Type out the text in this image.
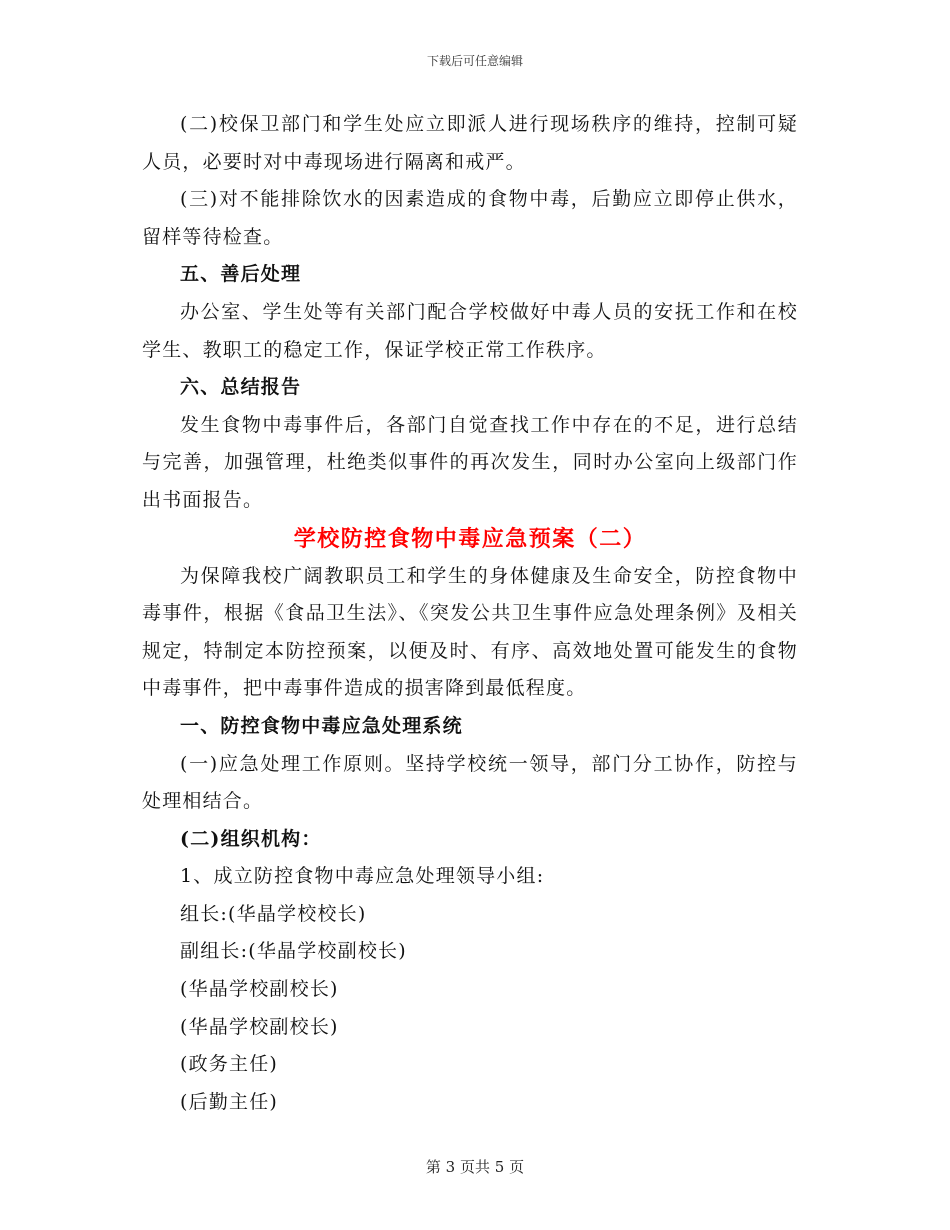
下载后可任意编辑

(二)校保卫部门和学生处应立即派人进行现场秩序的维持，控制可疑人员，必要时对中毒现场进行隔离和戒严。

(三)对不能排除饮水的因素造成的食物中毒，后勤应立即停止供水，留样等待检查。

五、善后处理

办公室、学生处等有关部门配合学校做好中毒人员的安抚工作和在校学生、教职工的稳定工作，保证学校正常工作秩序。

六、总结报告

发生食物中毒事件后，各部门自觉查找工作中存在的不足，进行总结与完善，加强管理，杜绝类似事件的再次发生，同时办公室向上级部门作出书面报告。

学校防控食物中毒应急预案（二）

为保障我校广阔教职员工和学生的身体健康及生命安全，防控食物中毒事件，根据《食品卫生法》、《突发公共卫生事件应急处理条例》及相关规定，特制定本防控预案，以便及时、有序、高效地处置可能发生的食物中毒事件，把中毒事件造成的损害降到最低程度。

一、防控食物中毒应急处理系统

(一)应急处理工作原则。坚持学校统一领导，部门分工协作，防控与处理相结合。

(二)组织机构：

1、成立防控食物中毒应急处理领导小组:

组长:(华晶学校校长)

副组长:(华晶学校副校长)

(华晶学校副校长)

(华晶学校副校长)

(政务主任)

(后勤主任)

第 3 页共 5 页
